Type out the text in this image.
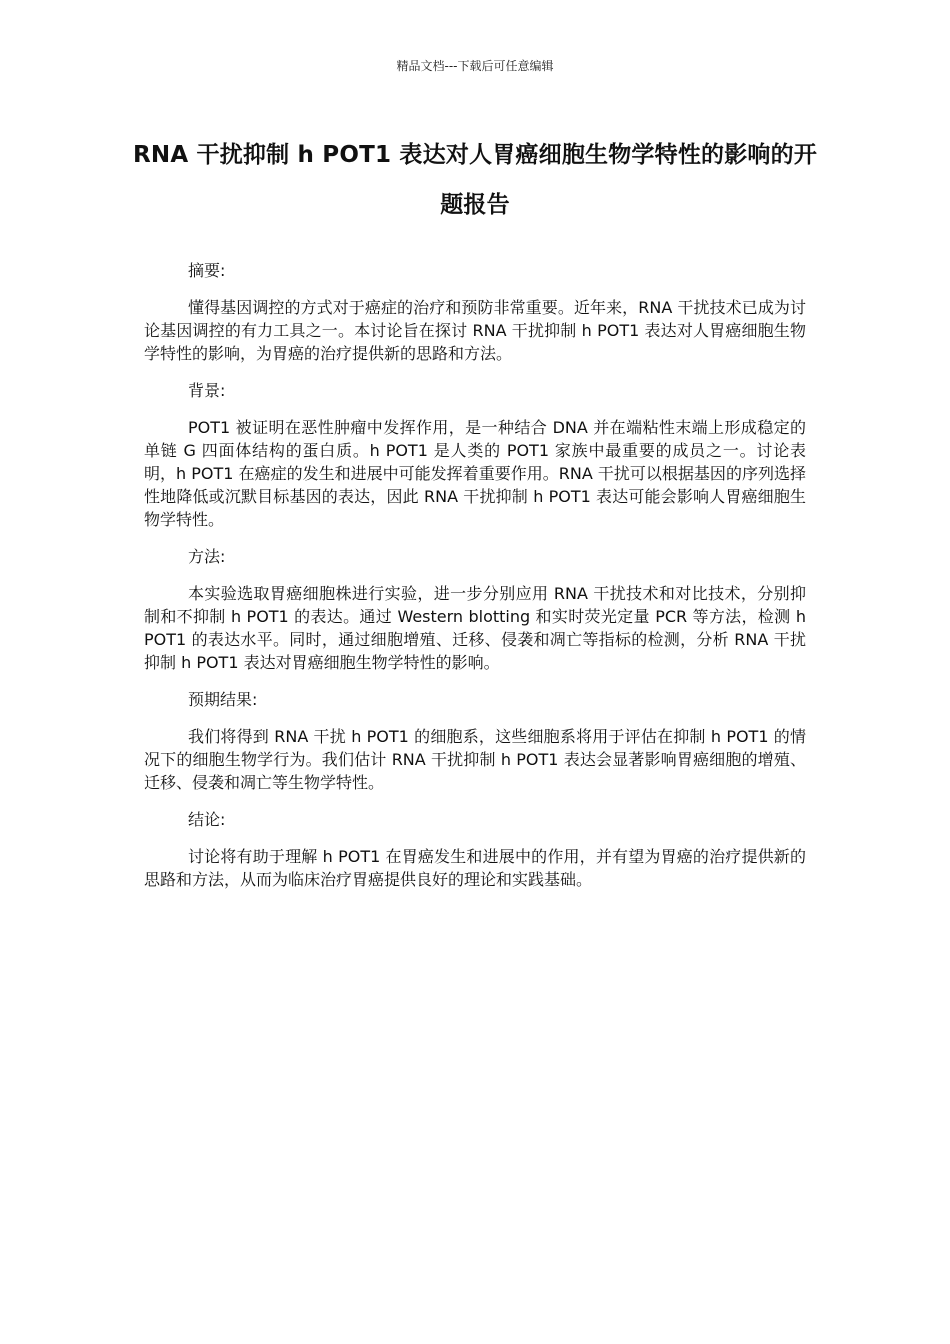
精品文档---下载后可任意编辑
RNA 干扰抑制 h POT1 表达对人胃癌细胞生物学特性的影响的开题报告

摘要:

懂得基因调控的方式对于癌症的治疗和预防非常重要。近年来，RNA 干扰技术已成为讨论基因调控的有力工具之一。本讨论旨在探讨 RNA 干扰抑制 h POT1 表达对人胃癌细胞生物学特性的影响，为胃癌的治疗提供新的思路和方法。

背景:

POT1 被证明在恶性肿瘤中发挥作用，是一种结合 DNA 并在端粘性末端上形成稳定的单链 G 四面体结构的蛋白质。h POT1 是人类的 POT1 家族中最重要的成员之一。讨论表明，h POT1 在癌症的发生和进展中可能发挥着重要作用。RNA 干扰可以根据基因的序列选择性地降低或沉默目标基因的表达，因此 RNA 干扰抑制 h POT1 表达可能会影响人胃癌细胞生物学特性。

方法:

本实验选取胃癌细胞株进行实验，进一步分别应用 RNA 干扰技术和对比技术，分别抑制和不抑制 h POT1 的表达。通过 Western blotting 和实时荧光定量 PCR 等方法，检测 h POT1 的表达水平。同时，通过细胞增殖、迁移、侵袭和凋亡等指标的检测，分析 RNA 干扰抑制 h POT1 表达对胃癌细胞生物学特性的影响。

预期结果:

我们将得到 RNA 干扰 h POT1 的细胞系，这些细胞系将用于评估在抑制 h POT1 的情况下的细胞生物学行为。我们估计 RNA 干扰抑制 h POT1 表达会显著影响胃癌细胞的增殖、迁移、侵袭和凋亡等生物学特性。

结论:

讨论将有助于理解 h POT1 在胃癌发生和进展中的作用，并有望为胃癌的治疗提供新的思路和方法，从而为临床治疗胃癌提供良好的理论和实践基础。
